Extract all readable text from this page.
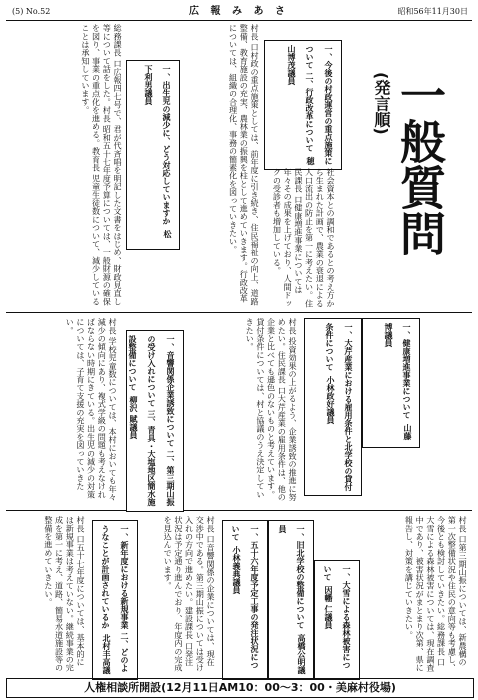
(5) No.52	広 報 み あ さ	昭和56年11月30日
総務課長 口広報四七号で、君が代斉唱を明記した文書をはじめ、財政見直し等について話をした。村長 昭和五十七年度予算については、一般財源の確保を図り、事業の重点化を進める。教育長 児童生徒数について、減少していることは承知しています。	一、出生児の減少に、どう対応していますか 松下利男議員	村長 口村政の重点施策としては、前年度に引き続き、住民福祉の向上、道路整備、教育施設の充実、農林業の振興を柱として進めていきます。行政改革については、組織の合理化、事務の簡素化を図っていきたい。	一、今後の村政運営の重点施策について 二、行政改革について 穂山博茂議員
社会資本との調和であるとの考え方から生まれた計画で、農業の衰退による人口流出の防止を第一に考えたい。住民課長 口健康増進事業については年々その成果を上げており、人間ドックの受診者も増加している。	一般質問 (発言順)
村長 学校児童数については、本村においても年々減少の傾向にあり、複式学級の問題も考えなければならない時期にきている。出生児の減少の対策については、子育て支援の充実を図っていきたい。
一、音響関係企業誘致について 二、第三期山振の受け入れについて 三、青具・大塩地区簡水施設整備について 柳沢 賦議員	村長 投資効果の上がるよう、企業誘致の推進に努めたい。住民課長 口大芹産業の雇用条件は、他の企業と比べても遜色のないものと考えています。貸付条件については、村と協議のうえ決定していきたい。	一、大芹産業における雇用条件と北学校の貸付条件について 小林政好議員	一、健康増進事業について 山藤博議員
村長 口五十七年度については、基本的には新規事業は考えていない。継続事業の完成を第一に考え、道路、簡易水道施設等の整備を進めていきたい。	一、新年度における新規事業 二、どのようなことが計画されているか 北村丰高議
村長 口音響関係の企業については、現在交渉中である。第三期山振については受け入れの方向で進めたい。建設課長 口発注状況は予定通り進んでおり、年度内の完成を見込んでいます。	一、五十六年度予定工事の発注状況について 小林義典議員	一、旧北学校の整備について 高橋公明議員
一、大雪による森林被害について 因幡 仁議員	村長 口第三期山振については、新農構の第一次整備状況や住民の意向等も考慮し、今後とも検討していきたい。総務課長 口大雪による森林被害については、現在調査中であり、被害状況がまとまり次第、県に報告し、対策を講じていきたい。
人権相談所開設(12月11日AM10：00～3：00・美麻村役場)
